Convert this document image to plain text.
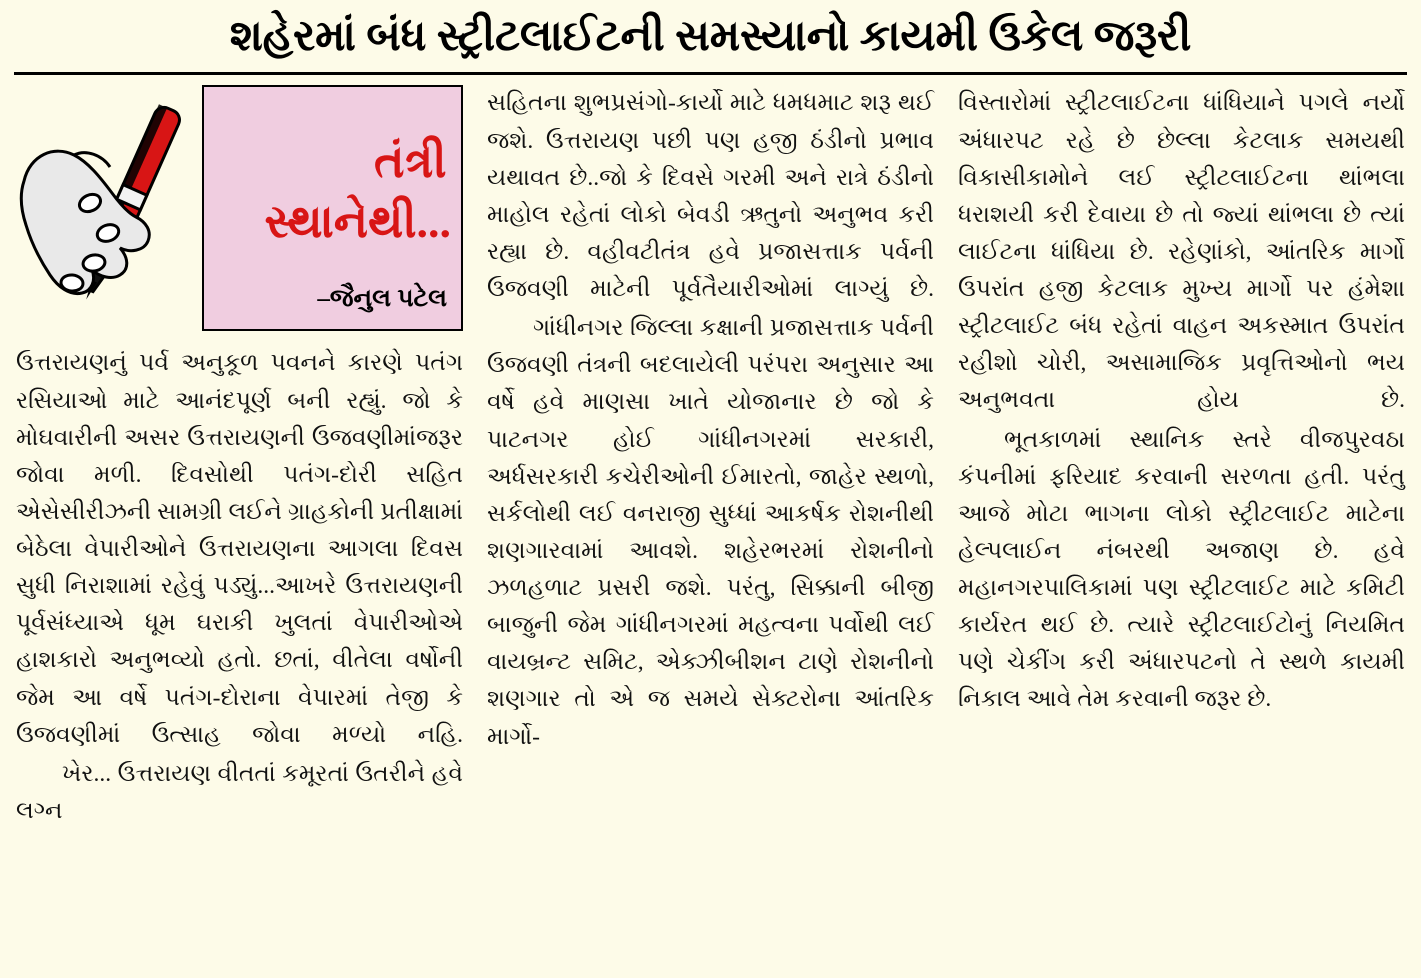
શહેરમાં બંધ સ્ટ્રીટલાઈટની સમસ્યાનો કાયમી ઉકેલ જરૂરી
તંત્રી
સ્થાનેથી...
–જૈનુલ પટેલ

ઉત્તરાયણનું પર્વ અનુકૂળ પવનને કારણે પતંગ રસિયાઓ માટે આનંદપૂર્ણ બની રહ્યું. જો કે મોઘવારીની અસર ઉત્તરાયણની ઉજવણીમાંજરૂર જોવા મળી. દિવસોથી પતંગ-દોરી સહિત એસેસીરીઝની સામગ્રી લઈને ગ્રાહકોની પ્રતીક્ષામાં બેઠેલા વેપારીઓને ઉત્તરાયણના આગલા દિવસ સુધી નિરાશામાં રહેવું પડ્યું...આખરે ઉત્તરાયણની પૂર્વસંધ્યાએ ધૂમ ઘરાકી ખુલતાં વેપારીઓએ હાશકારો અનુભવ્યો હતો. છતાં, વીતેલા વર્ષોની જેમ આ વર્ષે પતંગ-દોરાના વેપારમાં તેજી કે ઉજવણીમાં ઉત્સાહ જોવા મળ્યો નહિ.

ખેર... ઉત્તરાયણ વીતતાં કમૂરતાં ઉતરીને હવે લગ્ન

સહિતના શુભપ્રસંગો-કાર્યો માટે ધમધમાટ શરૂ થઈ જશે. ઉત્તરાયણ પછી પણ હજી ઠંડીનો પ્રભાવ યથાવત છે..જો કે દિવસે ગરમી અને રાત્રે ઠંડીનો માહોલ રહેતાં લોકો બેવડી ઋતુનો અનુભવ કરી રહ્યા છે. વહીવટીતંત્ર હવે પ્રજાસત્તાક પર્વની ઉજવણી માટેની પૂર્વતૈયારીઓમાં લાગ્યું છે.

ગાંધીનગર જિલ્લા કક્ષાની પ્રજાસત્તાક પર્વની ઉજવણી તંત્રની બદલાયેલી પરંપરા અનુસાર આ વર્ષે હવે માણસા ખાતે યોજાનાર છે જો કે પાટનગર હોઈ ગાંધીનગરમાં સરકારી, અર્ધસરકારી કચેરીઓની ઈમારતો, જાહેર સ્થળો, સર્કલોથી લઈ વનરાજી સુધ્ધાં આકર્ષક રોશનીથી શણગારવામાં આવશે. શહેરભરમાં રોશનીનો ઝળહળાટ પ્રસરી જશે. પરંતુ, સિક્કાની બીજી બાજુની જેમ ગાંધીનગરમાં મહત્વના પર્વોથી લઈ વાયબ્રન્ટ સમિટ, એક્ઝીબીશન ટાણે રોશનીનો શણગાર તો એ જ સમયે સેક્ટરોના આંતરિક માર્ગો-

વિસ્તારોમાં સ્ટ્રીટલાઈટના ધાંધિયાને પગલે નર્યો અંધારપટ રહે છે છેલ્લા કેટલાક સમયથી વિકાસીકામોને લઈ સ્ટ્રીટલાઈટના થાંભલા ધરાશયી કરી દેવાયા છે તો જ્યાં થાંભલા છે ત્યાં લાઈટના ધાંધિયા છે. રહેણાંકો, આંતરિક માર્ગો ઉપરાંત હજી કેટલાક મુખ્ય માર્ગો પર હંમેશા સ્ટ્રીટલાઈટ બંધ રહેતાં વાહન અકસ્માત ઉપરાંત રહીશો ચોરી, અસામાજિક પ્રવૃત્તિઓનો ભય અનુભવતા હોય છે.

ભૂતકાળમાં સ્થાનિક સ્તરે વીજપુરવઠા કંપનીમાં ફરિયાદ કરવાની સરળતા હતી. પરંતુ આજે મોટા ભાગના લોકો સ્ટ્રીટલાઈટ માટેના હેલ્પલાઈન નંબરથી અજાણ છે. હવે મહાનગરપાલિકામાં પણ સ્ટ્રીટલાઈટ માટે કમિટી કાર્યરત થઈ છે. ત્યારે સ્ટ્રીટલાઈટોનું નિયમિત પણે ચેકીંગ કરી અંધારપટનો તે સ્થળે કાયમી નિકાલ આવે તેમ કરવાની જરૂર છે.
